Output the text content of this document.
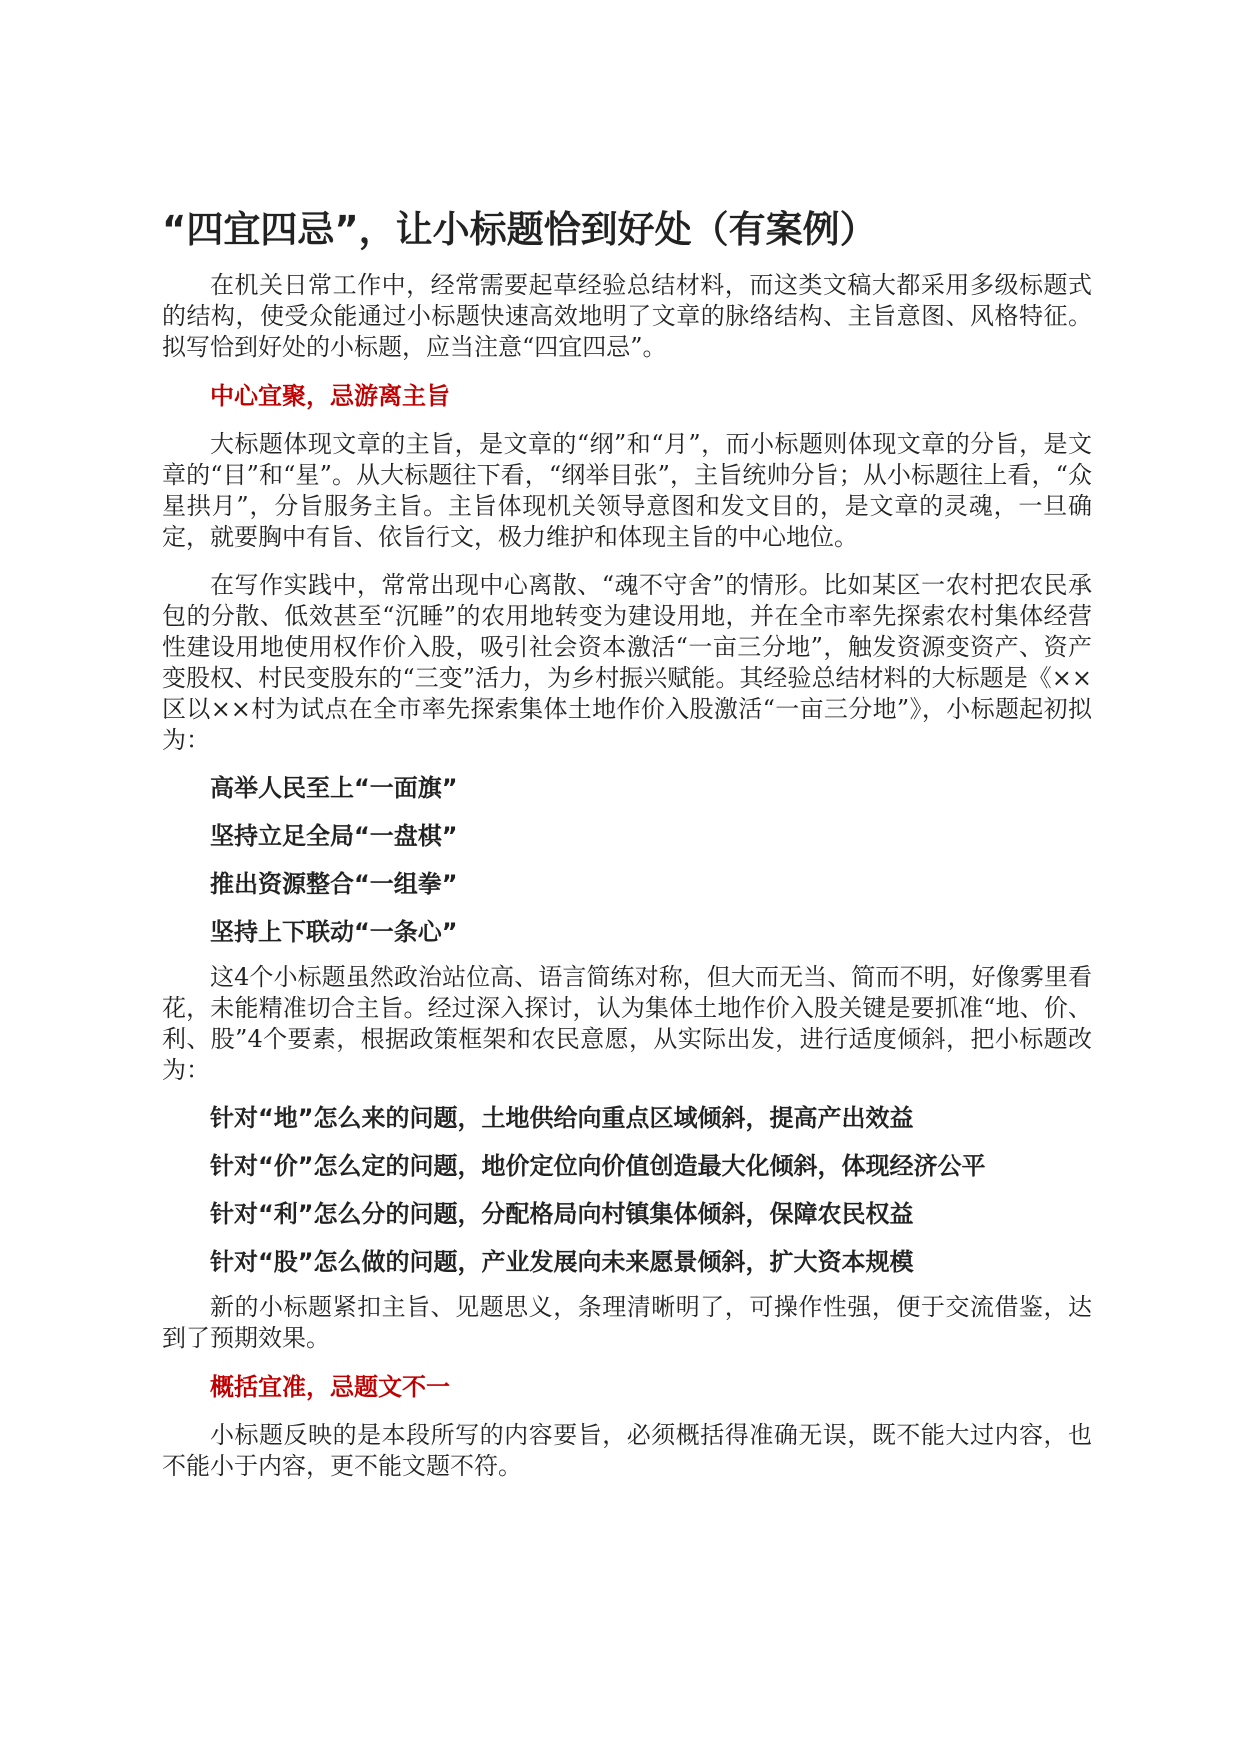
“四宜四忌”，让小标题恰到好处（有案例）

在机关日常工作中，经常需要起草经验总结材料，而这类文稿大都采用多级标题式的结构，使受众能通过小标题快速高效地明了文章的脉络结构、主旨意图、风格特征。拟写恰到好处的小标题，应当注意“四宜四忌”。

中心宜聚，忌游离主旨

大标题体现文章的主旨，是文章的“纲”和“月”，而小标题则体现文章的分旨，是文章的“目”和“星”。从大标题往下看，“纲举目张”，主旨统帅分旨；从小标题往上看，“众星拱月”，分旨服务主旨。主旨体现机关领导意图和发文目的，是文章的灵魂，一旦确定，就要胸中有旨、依旨行文，极力维护和体现主旨的中心地位。

在写作实践中，常常出现中心离散、“魂不守舍”的情形。比如某区一农村把农民承包的分散、低效甚至“沉睡”的农用地转变为建设用地，并在全市率先探索农村集体经营性建设用地使用权作价入股，吸引社会资本激活“一亩三分地”，触发资源变资产、资产变股权、村民变股东的“三变”活力，为乡村振兴赋能。其经验总结材料的大标题是《××区以××村为试点在全市率先探索集体土地作价入股激活“一亩三分地”》，小标题起初拟为：

高举人民至上“一面旗”

坚持立足全局“一盘棋”

推出资源整合“一组拳”

坚持上下联动“一条心”

这4个小标题虽然政治站位高、语言简练对称，但大而无当、简而不明，好像雾里看花，未能精准切合主旨。经过深入探讨，认为集体土地作价入股关键是要抓准“地、价、利、股”4个要素，根据政策框架和农民意愿，从实际出发，进行适度倾斜，把小标题改为：

针对“地”怎么来的问题，土地供给向重点区域倾斜，提高产出效益

针对“价”怎么定的问题，地价定位向价值创造最大化倾斜，体现经济公平

针对“利”怎么分的问题，分配格局向村镇集体倾斜，保障农民权益

针对“股”怎么做的问题，产业发展向未来愿景倾斜，扩大资本规模

新的小标题紧扣主旨、见题思义，条理清晰明了，可操作性强，便于交流借鉴，达到了预期效果。

概括宜准，忌题文不一

小标题反映的是本段所写的内容要旨，必须概括得准确无误，既不能大过内容，也不能小于内容，更不能文题不符。
